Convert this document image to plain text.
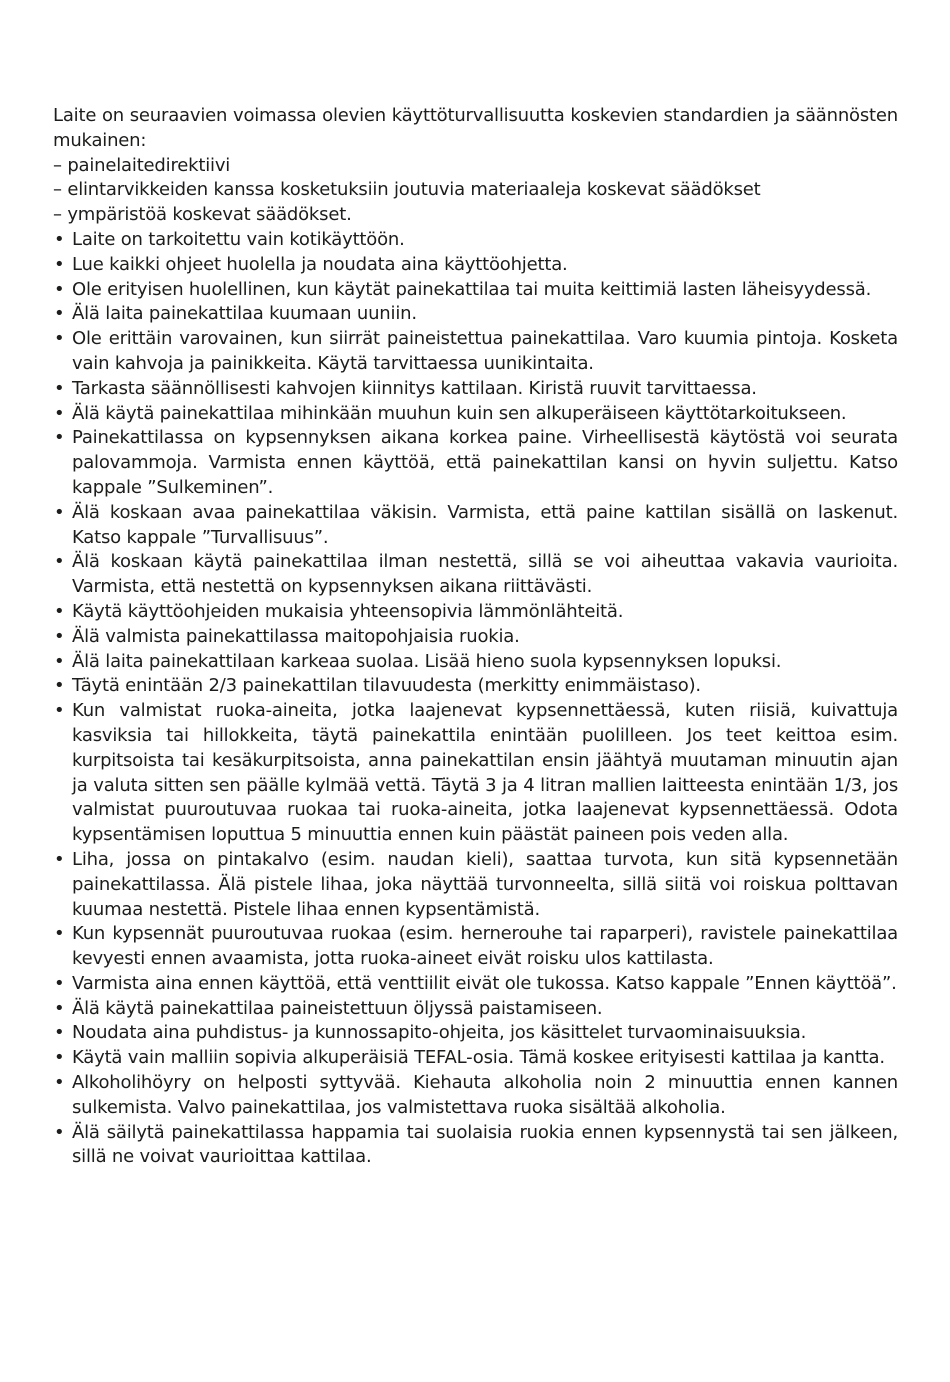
Laite on seuraavien voimassa olevien käyttöturvallisuutta koskevien standardien ja säännösten mukainen:

– painelaitedirektiivi

– elintarvikkeiden kanssa kosketuksiin joutuvia materiaaleja koskevat säädökset

– ympäristöä koskevat säädökset.

• Laite on tarkoitettu vain kotikäyttöön.
• Lue kaikki ohjeet huolella ja noudata aina käyttöohjetta.
• Ole erityisen huolellinen, kun käytät painekattilaa tai muita keittimiä lasten läheisyydessä.
• Älä laita painekattilaa kuumaan uuniin.
• Ole erittäin varovainen, kun siirrät paineistettua painekattilaa. Varo kuumia pintoja. Kosketa vain kahvoja ja painikkeita. Käytä tarvittaessa uunikintaita.
• Tarkasta säännöllisesti kahvojen kiinnitys kattilaan. Kiristä ruuvit tarvittaessa.
• Älä käytä painekattilaa mihinkään muuhun kuin sen alkuperäiseen käyttötarkoitukseen.
• Painekattilassa on kypsennyksen aikana korkea paine. Virheellisestä käytöstä voi seurata palovammoja. Varmista ennen käyttöä, että painekattilan kansi on hyvin suljettu. Katso kappale ”Sulkeminen”.
• Älä koskaan avaa painekattilaa väkisin. Varmista, että paine kattilan sisällä on laskenut. Katso kappale ”Turvallisuus”.
• Älä koskaan käytä painekattilaa ilman nestettä, sillä se voi aiheuttaa vakavia vaurioita. Varmista, että nestettä on kypsennyksen aikana riittävästi.
• Käytä käyttöohjeiden mukaisia yhteensopivia lämmönlähteitä.
• Älä valmista painekattilassa maitopohjaisia ruokia.
• Älä laita painekattilaan karkeaa suolaa. Lisää hieno suola kypsennyksen lopuksi.
• Täytä enintään 2/3 painekattilan tilavuudesta (merkitty enimmäistaso).
• Kun valmistat ruoka-aineita, jotka laajenevat kypsennettäessä, kuten riisiä, kuivattuja kasviksia tai hillokkeita, täytä painekattila enintään puolilleen. Jos teet keittoa esim. kurpitsoista tai kesäkurpitsoista, anna painekattilan ensin jäähtyä muutaman minuutin ajan ja valuta sitten sen päälle kylmää vettä. Täytä 3 ja 4 litran mallien laitteesta enintään 1/3, jos valmistat puuroutuvaa ruokaa tai ruoka-aineita, jotka laajenevat kypsennettäessä. Odota kypsentämisen loputtua 5 minuuttia ennen kuin päästät paineen pois veden alla.
• Liha, jossa on pintakalvo (esim. naudan kieli), saattaa turvota, kun sitä kypsennetään painekattilassa. Älä pistele lihaa, joka näyttää turvonneelta, sillä siitä voi roiskua polttavan kuumaa nestettä. Pistele lihaa ennen kypsentämistä.
• Kun kypsennät puuroutuvaa ruokaa (esim. hernerouhe tai raparperi), ravistele painekattilaa kevyesti ennen avaamista, jotta ruoka-aineet eivät roisku ulos kattilasta.
• Varmista aina ennen käyttöä, että venttiilit eivät ole tukossa. Katso kappale ”Ennen käyttöä”.
• Älä käytä painekattilaa paineistettuun öljyssä paistamiseen.
• Noudata aina puhdistus- ja kunnossapito-ohjeita, jos käsittelet turvaominaisuuksia.
• Käytä vain malliin sopivia alkuperäisiä TEFAL-osia. Tämä koskee erityisesti kattilaa ja kantta.
• Alkoholihöyry on helposti syttyvää. Kiehauta alkoholia noin 2 minuuttia ennen kannen sulkemista. Valvo painekattilaa, jos valmistettava ruoka sisältää alkoholia.
• Älä säilytä painekattilassa happamia tai suolaisia ruokia ennen kypsennystä tai sen jälkeen, sillä ne voivat vaurioittaa kattilaa.
